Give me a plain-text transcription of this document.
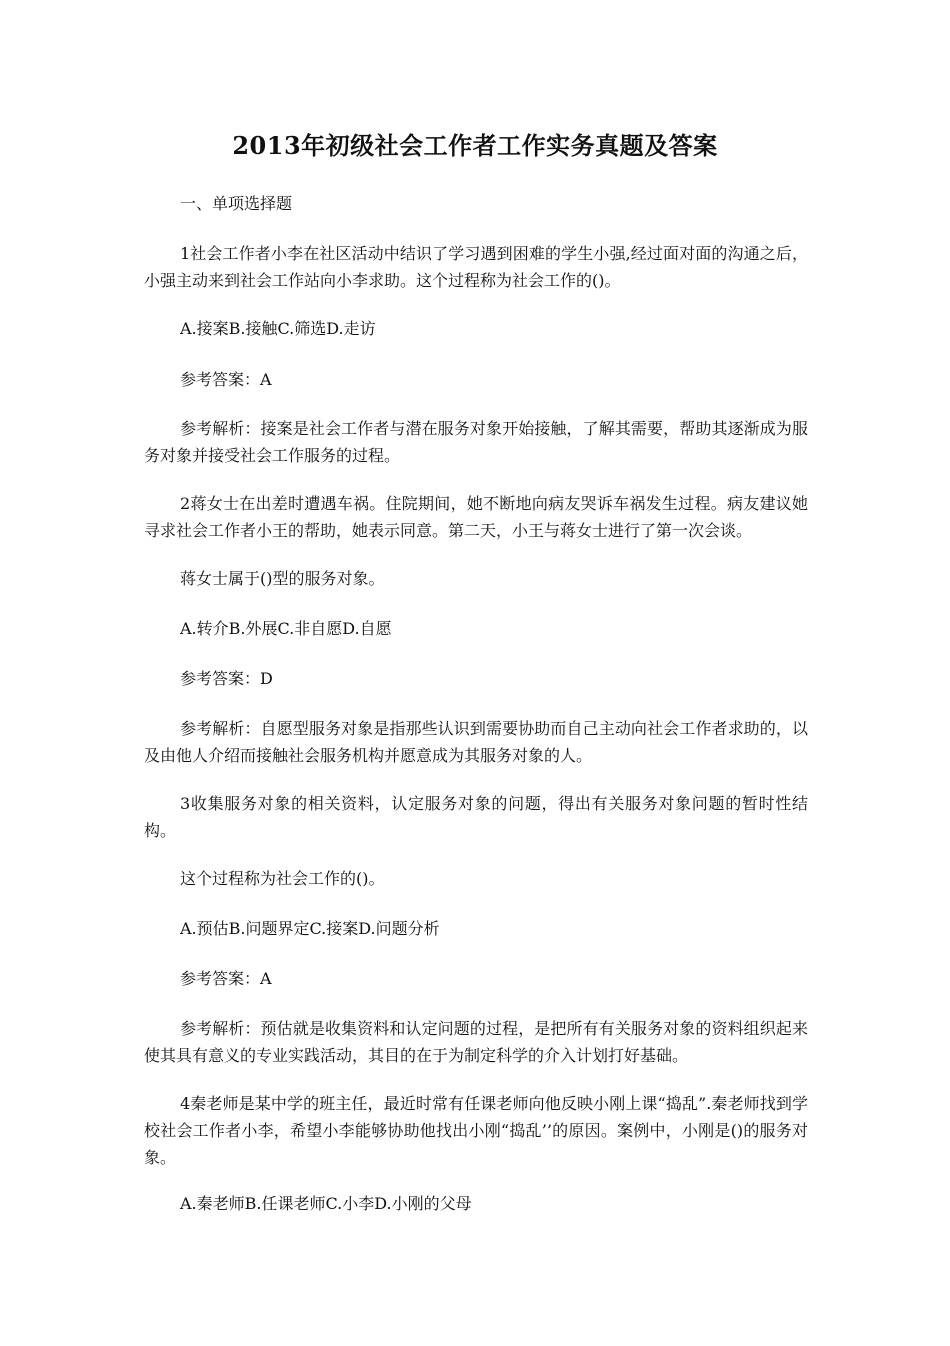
2013年初级社会工作者工作实务真题及答案
一、单项选择题
1社会工作者小李在社区活动中结识了学习遇到困难的学生小强,经过面对面的沟通之后，小强主动来到社会工作站向小李求助。这个过程称为社会工作的()。
A.接案B.接触C.筛选D.走访
参考答案：A
参考解析：接案是社会工作者与潜在服务对象开始接触，了解其需要，帮助其逐渐成为服务对象并接受社会工作服务的过程。
2蒋女士在出差时遭遇车祸。住院期间，她不断地向病友哭诉车祸发生过程。病友建议她寻求社会工作者小王的帮助，她表示同意。第二天，小王与蒋女士进行了第一次会谈。
蒋女士属于()型的服务对象。
A.转介B.外展C.非自愿D.自愿
参考答案：D
参考解析：自愿型服务对象是指那些认识到需要协助而自己主动向社会工作者求助的，以及由他人介绍而接触社会服务机构并愿意成为其服务对象的人。
3收集服务对象的相关资料，认定服务对象的问题，得出有关服务对象问题的暂时性结构。
这个过程称为社会工作的()。
A.预估B.问题界定C.接案D.问题分析
参考答案：A
参考解析：预估就是收集资料和认定问题的过程，是把所有有关服务对象的资料组织起来使其具有意义的专业实践活动，其目的在于为制定科学的介入计划打好基础。
4秦老师是某中学的班主任，最近时常有任课老师向他反映小刚上课“捣乱”.秦老师找到学校社会工作者小李，希望小李能够协助他找出小刚“捣乱’’的原因。案例中，小刚是()的服务对象。
A.秦老师B.任课老师C.小李D.小刚的父母
